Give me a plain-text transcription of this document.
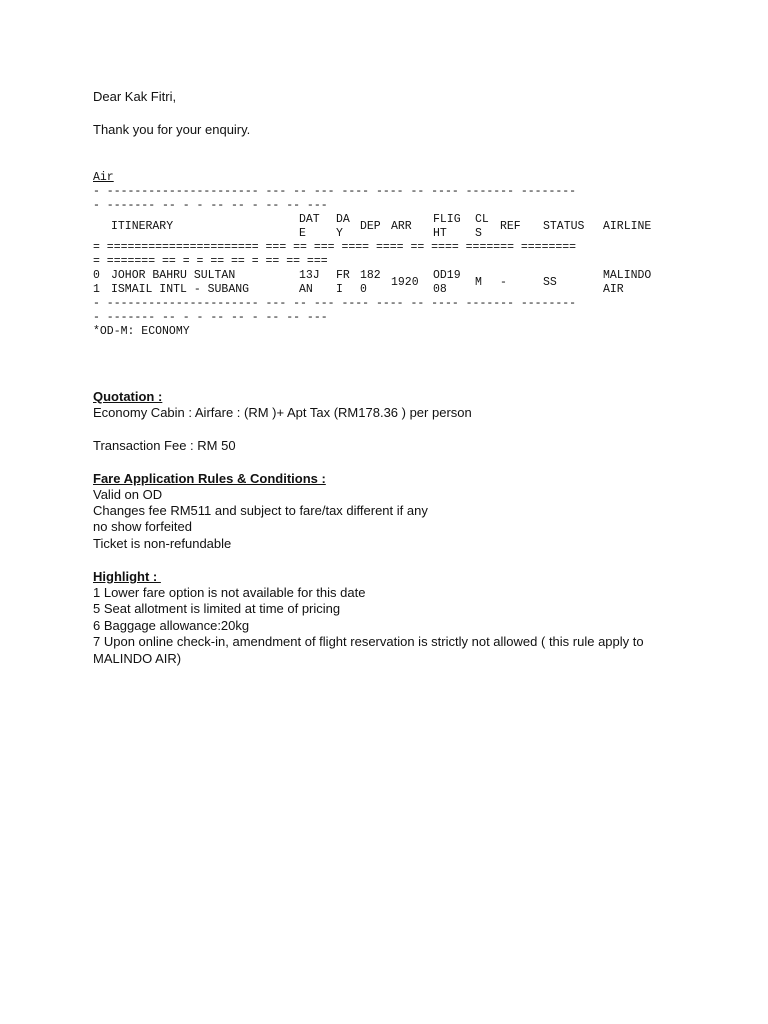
Dear Kak Fitri,
Thank you for your enquiry.
Air
- ---------------------- --- -- --- ---- ---- -- ---- ------- --------
- ------- -- - - -- -- - -- -- ---

ITINERARY

DAT
E

DA
Y

DEP

ARR

FLIG
HT

CL
S

REF

STATUS

AIRLINE

= ====================== === == === ==== ==== == ==== ======= ========
= ======= == = = == == = == == ===

0
1

JOHOR BAHRU SULTAN
ISMAIL INTL - SUBANG

13J
AN

FR
I

182
0

1920

OD19
08

M

-

	SS

MALINDO
AIR

- ---------------------- --- -- --- ---- ---- -- ---- ------- --------
- ------- -- - - -- -- - -- -- ---
*OD-M: ECONOMY
Quotation :
Economy Cabin : Airfare : (RM )+ Apt Tax (RM178.36 ) per person
Transaction Fee : RM 50
Fare Application Rules & Conditions :
Valid on OD
Changes fee RM511 and subject to fare/tax different if any
no show forfeited
Ticket is non-refundable
Highlight :
1 Lower fare option is not available for this date
5 Seat allotment is limited at time of pricing
6 Baggage allowance:20kg
7 Upon online check-in, amendment of flight reservation is strictly not allowed ( this rule apply to
MALINDO AIR)
